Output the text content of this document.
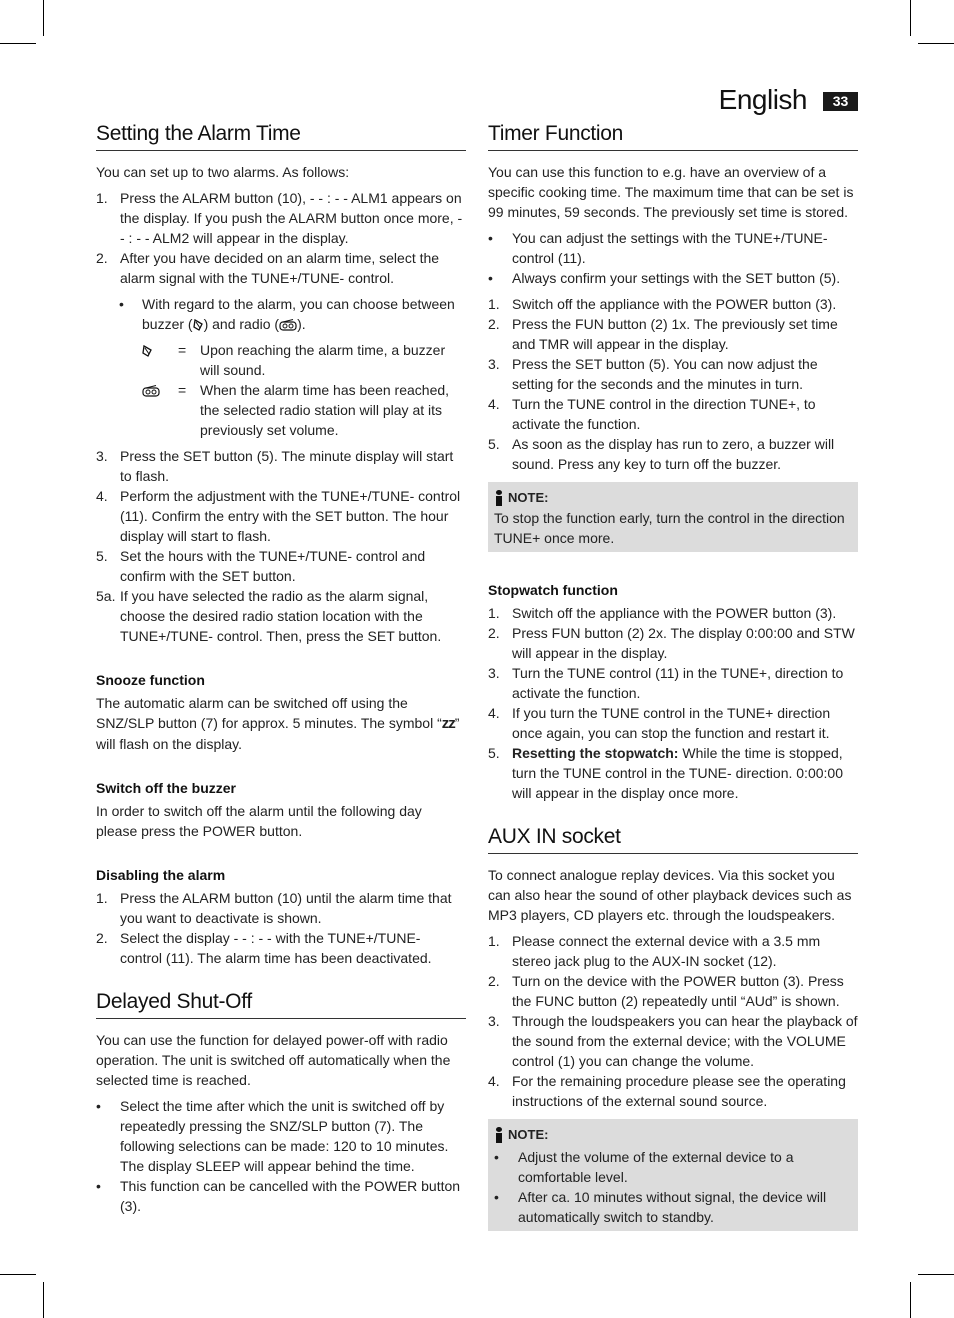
English	33
Setting the Alarm Time

You can set up to two alarms. As follows:

1. Press the ALARM button (10), - - : - - ALM1 appears on the display. If you push the ALARM button once more, - - : - - ALM2 will appear in the display.
2. After you have decided on an alarm time, select the alarm signal with the TUNE+/TUNE- control.
•	With regard to the alarm, you can choose between buzzer ( ) and radio ( ).
= Upon reaching the alarm time, a buzzer will sound.
= When the alarm time has been reached, the selected radio station will play at its previously set volume.
3. Press the SET button (5). The minute display will start to flash.
4. Perform the adjustment with the TUNE+/TUNE- control (11). Confirm the entry with the SET button. The hour display will start to flash.
5. Set the hours with the TUNE+/TUNE- control and confirm with the SET button.
5a. If you have selected the radio as the alarm signal, choose the desired radio station location with the TUNE+/TUNE- control. Then, press the SET button.
Snooze function

The automatic alarm can be switched off using the SNZ/SLP button (7) for approx. 5 minutes. The symbol “zz” will flash on the display.

Switch off the buzzer

In order to switch off the alarm until the following day please press the POWER button.

Disabling the alarm
1. Press the ALARM button (10) until the alarm time that you want to deactivate is shown.
2. Select the display - - : - - with the TUNE+/TUNE- control (11). The alarm time has been deactivated.
Delayed Shut-Off

You can use the function for delayed power-off with radio operation. The unit is switched off automatically when the selected time is reached.

•	Select the time after which the unit is switched off by repeatedly pressing the SNZ/SLP button (7). The following selections can be made: 120 to 10 minutes. The display SLEEP will appear behind the time.
•	This function can be cancelled with the POWER button (3).
Timer Function

You can use this function to e.g. have an overview of a specific cooking time. The maximum time that can be set is 99 minutes, 59 seconds. The previously set time is stored.

•	You can adjust the settings with the TUNE+/TUNE- control (11).
•	Always confirm your settings with the SET button (5).
1. Switch off the appliance with the POWER button (3).
2. Press the FUN button (2) 1x. The previously set time and TMR will appear in the display.
3. Press the SET button (5). You can now adjust the setting for the seconds and the minutes in turn.
4. Turn the TUNE control in the direction TUNE+, to activate the function.
5. As soon as the display has run to zero, a buzzer will sound. Press any key to turn off the buzzer.
NOTE:
To stop the function early, turn the control in the direction TUNE+ once more.
Stopwatch function
1. Switch off the appliance with the POWER button (3).
2. Press FUN button (2) 2x. The display 0:00:00 and STW will appear in the display.
3. Turn the TUNE control (11) in the TUNE+, direction to activate the function.
4. If you turn the TUNE control in the TUNE+ direction once again, you can stop the function and restart it.
5. Resetting the stopwatch: While the time is stopped, turn the TUNE control in the TUNE- direction. 0:00:00 will appear in the display once more.
AUX IN socket

To connect analogue replay devices. Via this socket you can also hear the sound of other playback devices such as MP3 players, CD players etc. through the loudspeakers.

1. Please connect the external device with a 3.5 mm stereo jack plug to the AUX-IN socket (12).
2. Turn on the device with the POWER button (3). Press the FUNC button (2) repeatedly until “AUd” is shown.
3. Through the loudspeakers you can hear the playback of the sound from the external device; with the VOLUME control (1) you can change the volume.
4. For the remaining procedure please see the operating instructions of the external sound source.
NOTE:
•	Adjust the volume of the external device to a comfortable level.
•	After ca. 10 minutes without signal, the device will automatically switch to standby.
